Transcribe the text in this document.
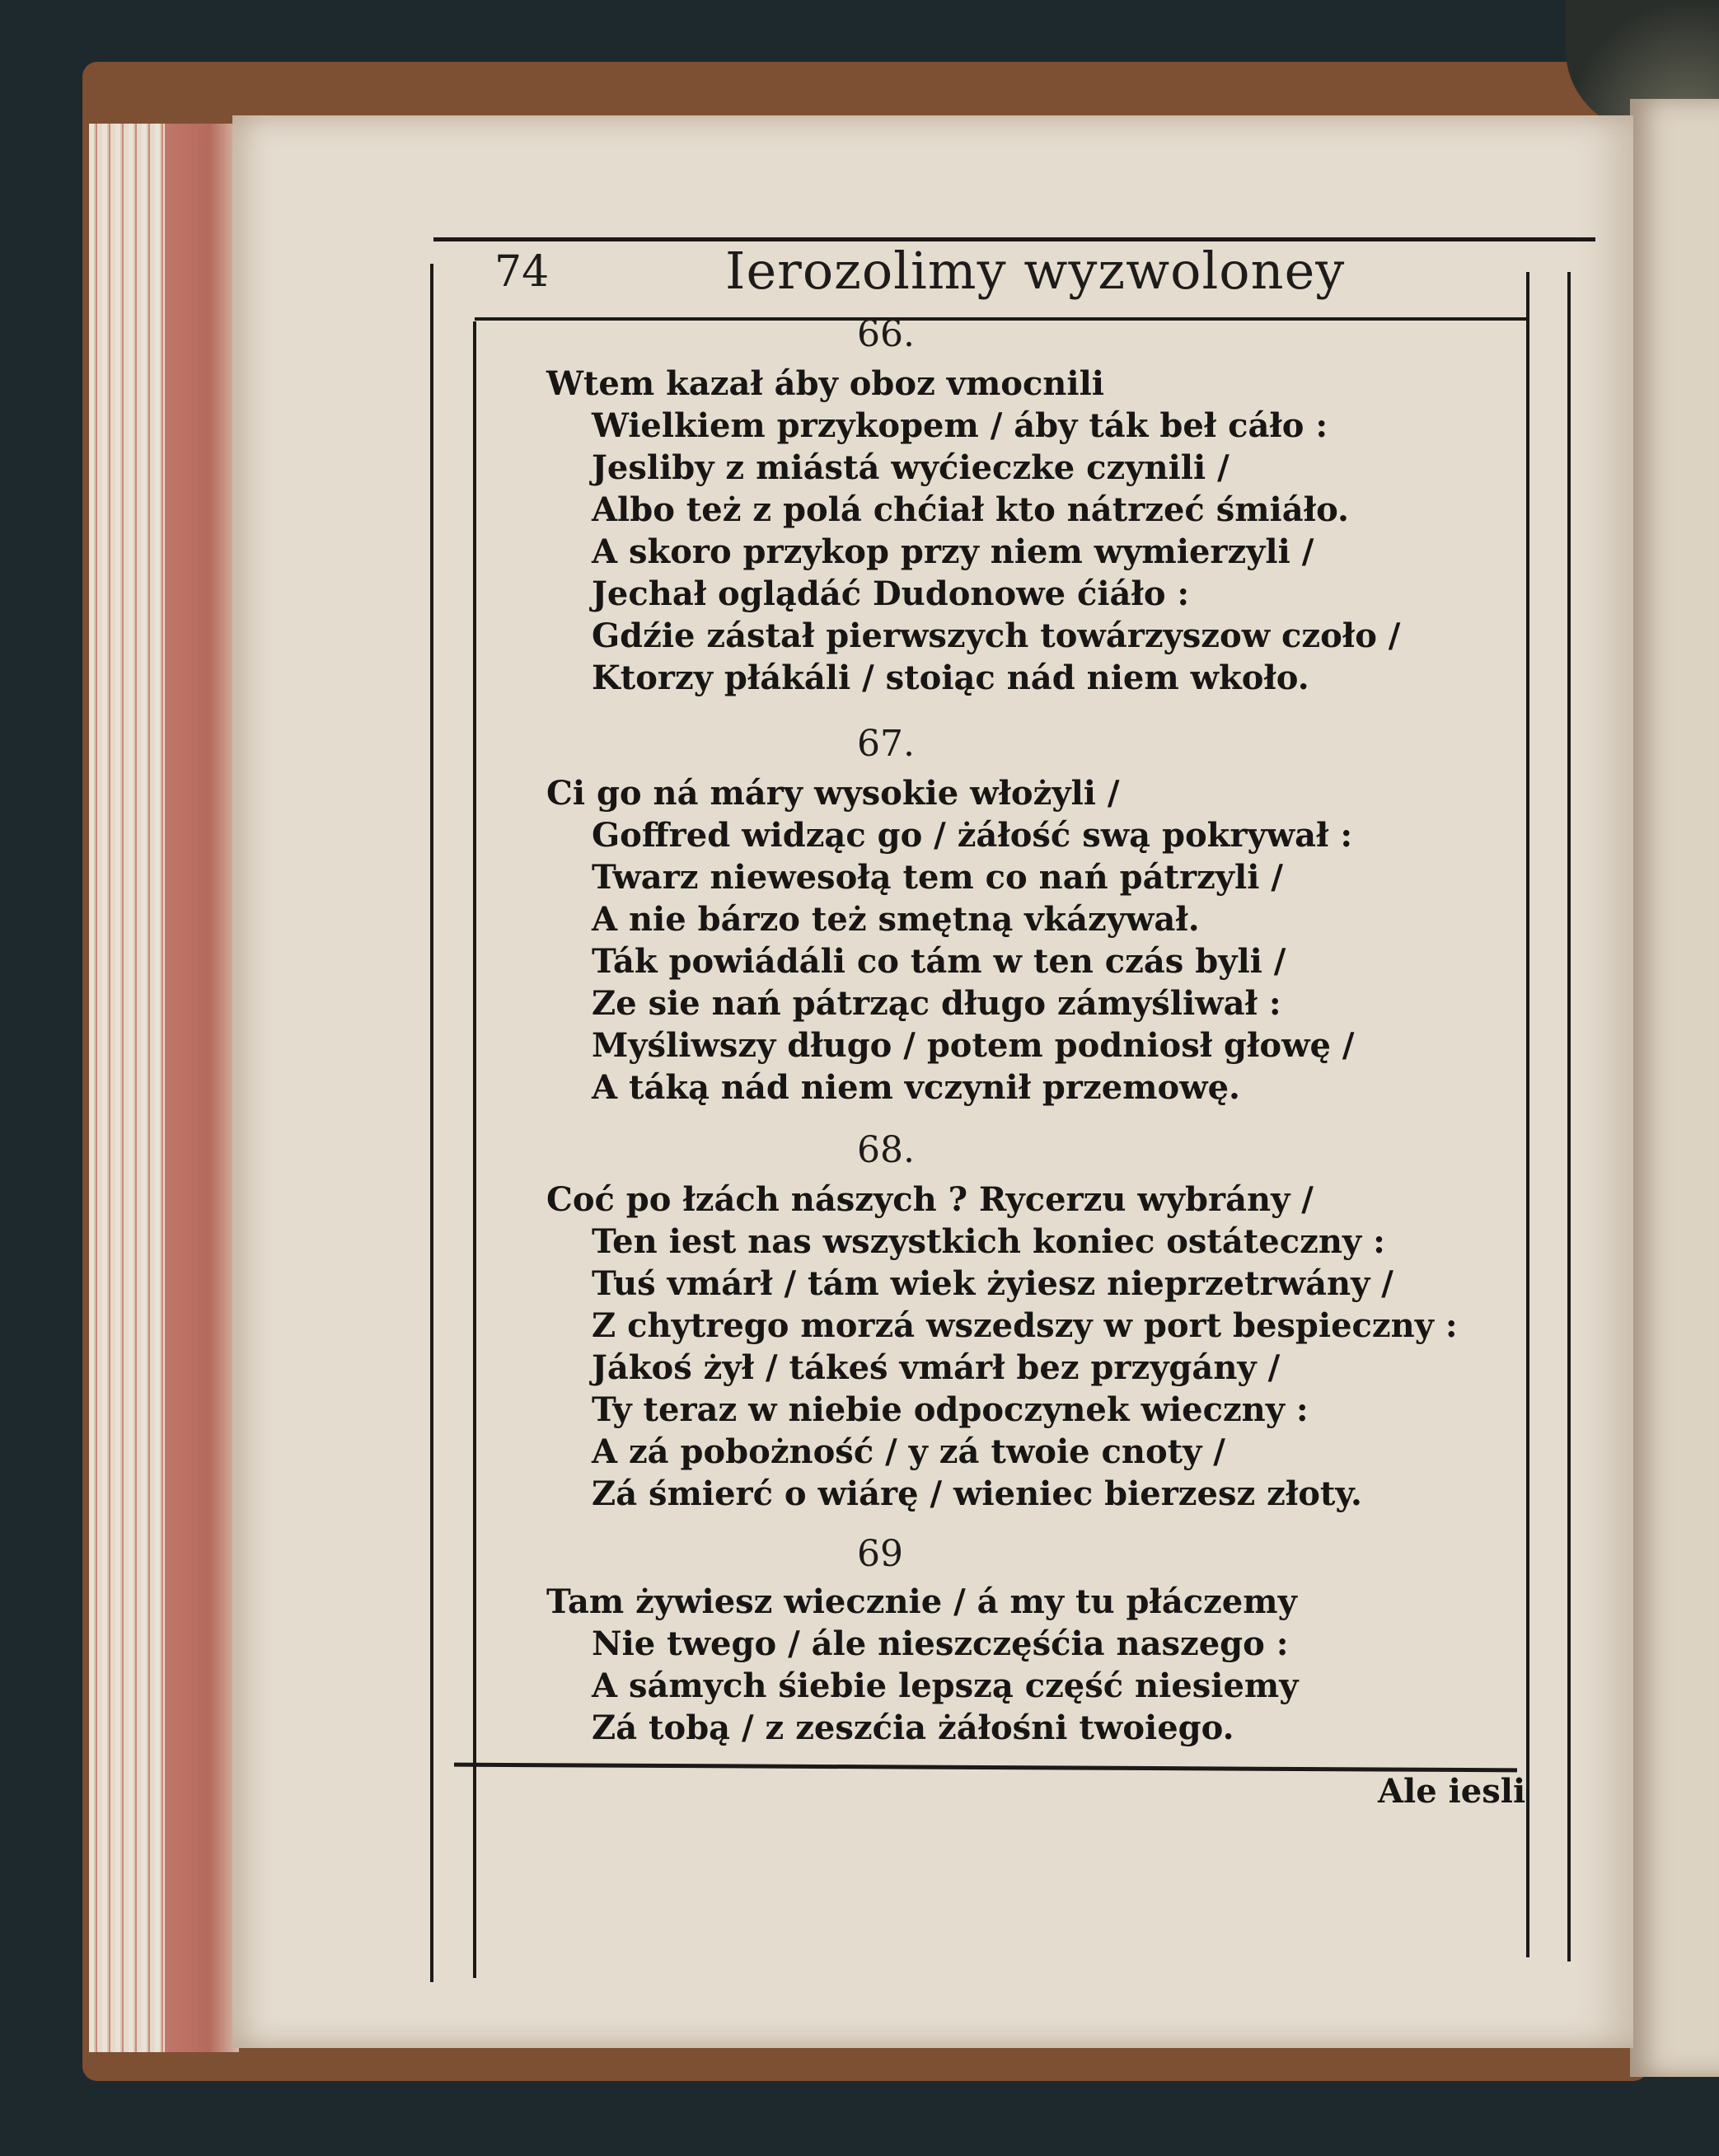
74	Ierozolimy wyzwoloney
66.
Wtem kazał áby oboz vmocnili
Wielkiem przykopem / áby ták beł cáło :
Jesliby z miástá wyćieczke czynili /
Albo też z polá chćiał kto nátrzeć śmiáło.
A skoro przykop przy niem wymierzyli /
Jechał oglądáć Dudonowe ćiáło :
Gdźie zástał pierwszych towárzyszow czoło /
Ktorzy płákáli / stoiąc nád niem wkoło.
67.
Ci go ná máry wysokie włożyli /
Goffred widząc go / żáłość swą pokrywał :
Twarz niewesołą tem co nań pátrzyli /
A nie bárzo też smętną vkázywał.
Ták powiádáli co tám w ten czás byli /
Ze sie nań pátrząc długo zámyśliwał :
Myśliwszy długo / potem podniosł głowę /
A táką nád niem vczynił przemowę.
68.
Coć po łzách nászych ? Rycerzu wybrány /
Ten iest nas wszystkich koniec ostáteczny :
Tuś vmárł / tám wiek żyiesz nieprzetrwány /
Z chytrego morzá wszedszy w port bespieczny :
Jákoś żył / tákeś vmárł bez przygány /
Ty teraz w niebie odpoczynek wieczny :
A zá pobożność / y zá twoie cnoty /
Zá śmierć o wiárę / wieniec bierzesz złoty.
69
Tam żywiesz wiecznie / á my tu płáczemy
Nie twego / ále nieszczęśćia naszego :
A sámych śiebie lepszą część niesiemy
Zá tobą / z zeszćia żáłośni twoiego.
Ale iesli
